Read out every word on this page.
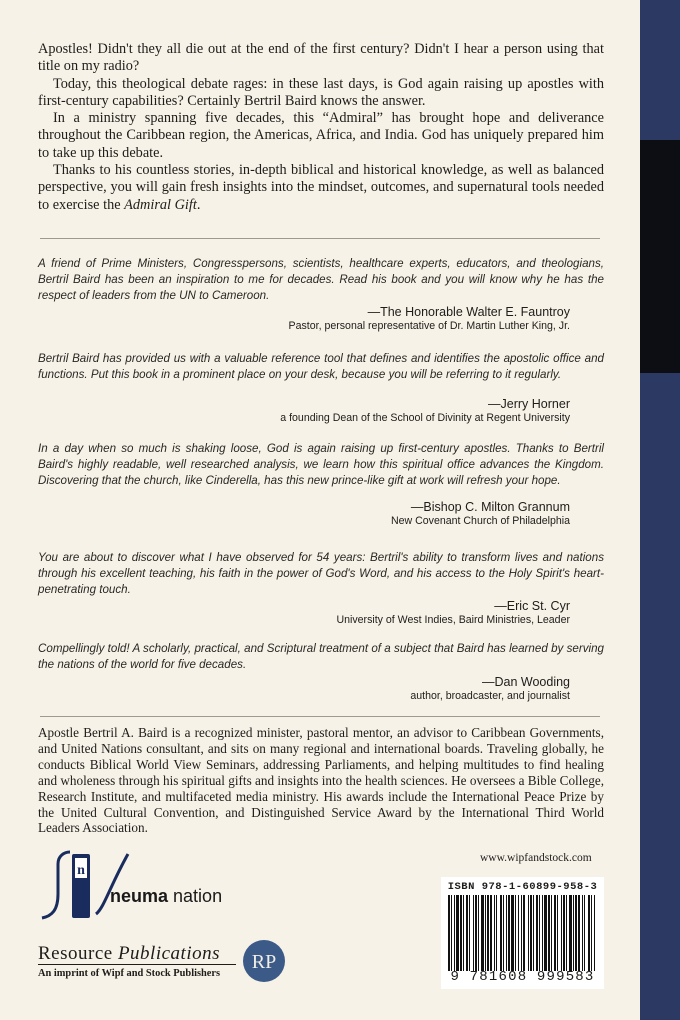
Apostles! Didn't they all die out at the end of the first century? Didn't I hear a person using that title on my radio?

Today, this theological debate rages: in these last days, is God again raising up apostles with first-century capabilities? Certainly Bertril Baird knows the answer.

In a ministry spanning five decades, this “Admiral” has brought hope and deliverance throughout the Caribbean region, the Americas, Africa, and India. God has uniquely prepared him to take up this debate.

Thanks to his countless stories, in-depth biblical and historical knowledge, as well as balanced perspective, you will gain fresh insights into the mindset, outcomes, and supernatural tools needed to exercise the Admiral Gift.

A friend of Prime Ministers, Congresspersons, scientists, healthcare experts, educators, and theologians, Bertril Baird has been an inspiration to me for decades. Read his book and you will know why he has the respect of leaders from the UN to Cameroon.

—The Honorable Walter E. Fauntroy
Pastor, personal representative of Dr. Martin Luther King, Jr.

Bertril Baird has provided us with a valuable reference tool that defines and identifies the apostolic office and functions. Put this book in a prominent place on your desk, because you will be referring to it regularly.

—Jerry Horner
a founding Dean of the School of Divinity at Regent University

In a day when so much is shaking loose, God is again raising up first-century apostles. Thanks to Bertril Baird's highly readable, well researched analysis, we learn how this spiritual office advances the Kingdom. Discovering that the church, like Cinderella, has this new prince-like gift at work will refresh your hope.

—Bishop C. Milton Grannum
New Covenant Church of Philadelphia

You are about to discover what I have observed for 54 years: Bertril's ability to transform lives and nations through his excellent teaching, his faith in the power of God's Word, and his access to the Holy Spirit's heart-penetrating touch.

—Eric St. Cyr
University of West Indies, Baird Ministries, Leader

Compellingly told! A scholarly, practical, and Scriptural treatment of a subject that Baird has learned by serving the nations of the world for five decades.

—Dan Wooding
author, broadcaster, and journalist

Apostle Bertril A. Baird is a recognized minister, pastoral mentor, an advisor to Caribbean Governments, and United Nations consultant, and sits on many regional and international boards. Traveling globally, he conducts Biblical World View Seminars, addressing Parliaments, and helping multitudes to find healing and wholeness through his spiritual gifts and insights into the health sciences. He oversees a Bible College, Research Institute, and multifaceted media ministry. His awards include the International Peace Prize by the United Cultural Convention, and Distinguished Service Award by the International Third World Leaders Association.

www.wipfandstock.com
n
neuma nation
Resource Publications
An imprint of Wipf and Stock Publishers
RP
ISBN 978-1-60899-958-3
9 781608 999583
